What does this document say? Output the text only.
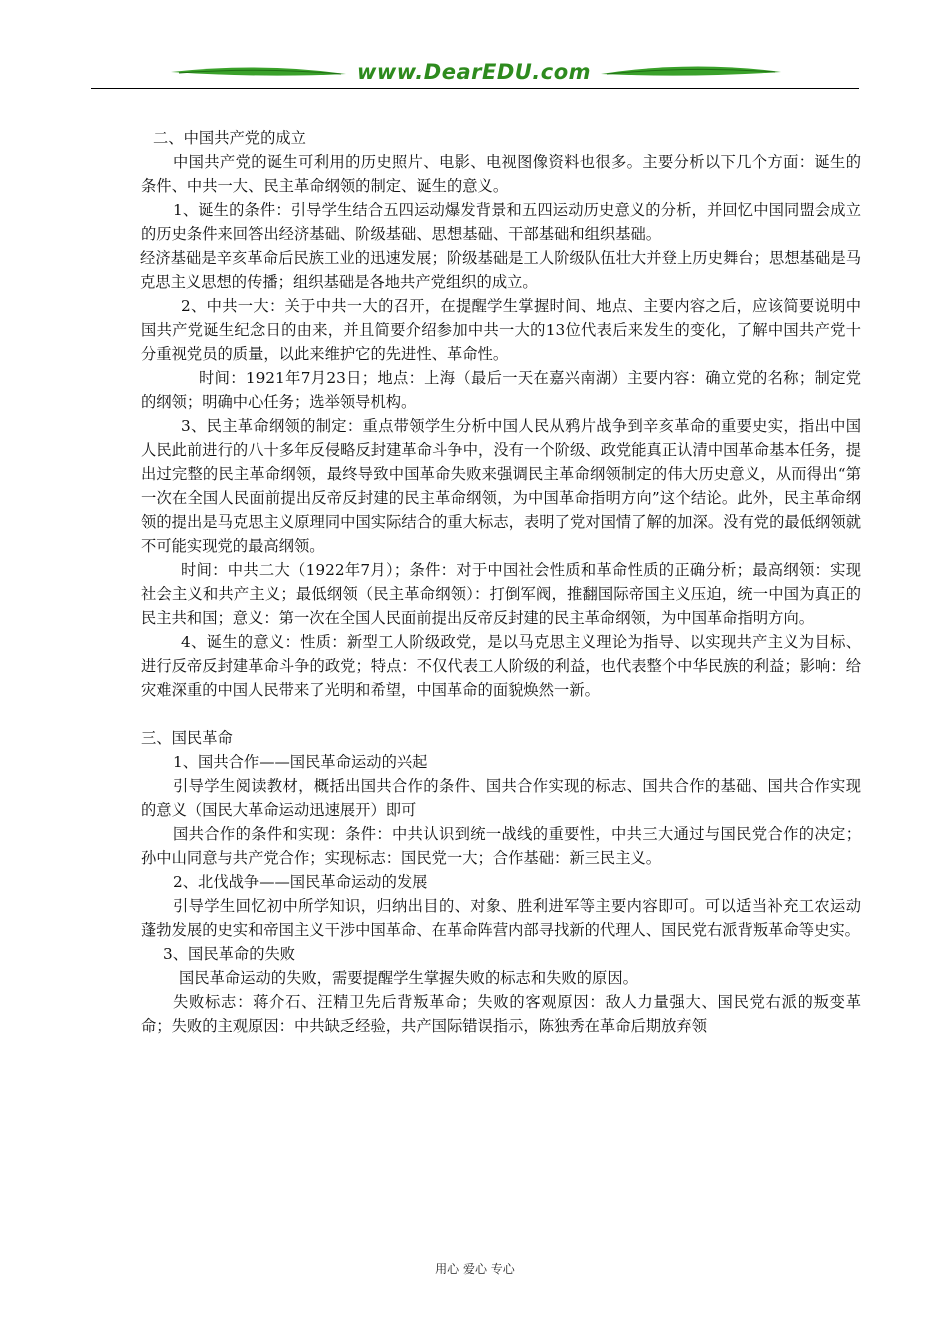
www.DearEDU.com

二、中国共产党的成立

中国共产党的诞生可利用的历史照片、电影、电视图像资料也很多。主要分析以下几个方面：诞生的条件、中共一大、民主革命纲领的制定、诞生的意义。

1、诞生的条件：引导学生结合五四运动爆发背景和五四运动历史意义的分析，并回忆中国同盟会成立的历史条件来回答出经济基础、阶级基础、思想基础、干部基础和组织基础。

经济基础是辛亥革命后民族工业的迅速发展；阶级基础是工人阶级队伍壮大并登上历史舞台；思想基础是马克思主义思想的传播；组织基础是各地共产党组织的成立。

2、中共一大：关于中共一大的召开，在提醒学生掌握时间、地点、主要内容之后，应该简要说明中国共产党诞生纪念日的由来，并且简要介绍参加中共一大的13位代表后来发生的变化，了解中国共产党十分重视党员的质量，以此来维护它的先进性、革命性。

时间：1921年7月23日；地点：上海（最后一天在嘉兴南湖）主要内容：确立党的名称；制定党的纲领；明确中心任务；选举领导机构。

3、民主革命纲领的制定：重点带领学生分析中国人民从鸦片战争到辛亥革命的重要史实，指出中国人民此前进行的八十多年反侵略反封建革命斗争中，没有一个阶级、政党能真正认清中国革命基本任务，提出过完整的民主革命纲领，最终导致中国革命失败来强调民主革命纲领制定的伟大历史意义，从而得出“第一次在全国人民面前提出反帝反封建的民主革命纲领，为中国革命指明方向”这个结论。此外，民主革命纲领的提出是马克思主义原理同中国实际结合的重大标志，表明了党对国情了解的加深。没有党的最低纲领就不可能实现党的最高纲领。

时间：中共二大（1922年7月）；条件：对于中国社会性质和革命性质的正确分析；最高纲领：实现社会主义和共产主义；最低纲领（民主革命纲领）：打倒军阀，推翻国际帝国主义压迫，统一中国为真正的民主共和国；意义：第一次在全国人民面前提出反帝反封建的民主革命纲领，为中国革命指明方向。

4、诞生的意义：性质：新型工人阶级政党，是以马克思主义理论为指导、以实现共产主义为目标、进行反帝反封建革命斗争的政党；特点：不仅代表工人阶级的利益，也代表整个中华民族的利益；影响：给灾难深重的中国人民带来了光明和希望，中国革命的面貌焕然一新。

三、国民革命

1、国共合作——国民革命运动的兴起

引导学生阅读教材，概括出国共合作的条件、国共合作实现的标志、国共合作的基础、国共合作实现的意义（国民大革命运动迅速展开）即可

国共合作的条件和实现：条件：中共认识到统一战线的重要性，中共三大通过与国民党合作的决定；孙中山同意与共产党合作；实现标志：国民党一大；合作基础：新三民主义。

2、北伐战争——国民革命运动的发展

引导学生回忆初中所学知识，归纳出目的、对象、胜利进军等主要内容即可。可以适当补充工农运动蓬勃发展的史实和帝国主义干涉中国革命、在革命阵营内部寻找新的代理人、国民党右派背叛革命等史实。

3、国民革命的失败

国民革命运动的失败，需要提醒学生掌握失败的标志和失败的原因。

失败标志：蒋介石、汪精卫先后背叛革命；失败的客观原因：敌人力量强大、国民党右派的叛变革命；失败的主观原因：中共缺乏经验，共产国际错误指示，陈独秀在革命后期放弃领

用心 爱心 专心
